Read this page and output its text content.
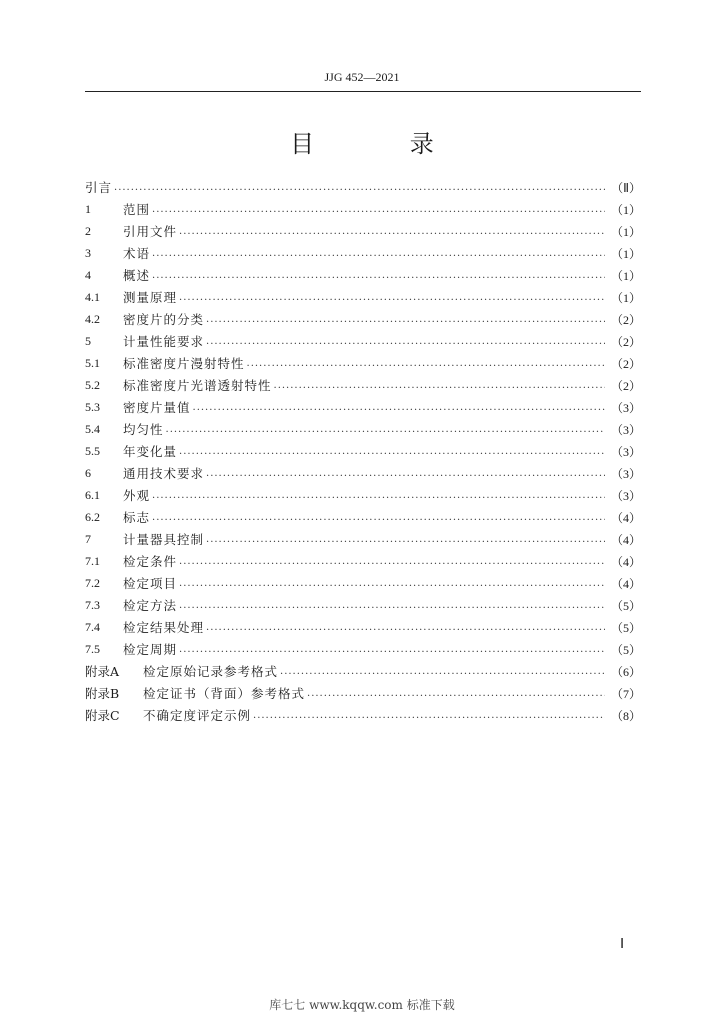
JJG 452—2021
目 录
引言 .....	（Ⅱ）
1	范围 .....	（1）
2	引用文件 .....	（1）
3	术语 .....	（1）
4	概述 .....	（1）
4.1	测量原理 .....	（1）
4.2	密度片的分类 .....	（2）
5	计量性能要求 .....	（2）
5.1	标准密度片漫射特性 .....	（2）
5.2	标准密度片光谱透射特性 .....	（2）
5.3	密度片量值 .....	（3）
5.4	均匀性 .....	（3）
5.5	年变化量 .....	（3）
6	通用技术要求 .....	（3）
6.1	外观 .....	（3）
6.2	标志 .....	（4）
7	计量器具控制 .....	（4）
7.1	检定条件 .....	（4）
7.2	检定项目 .....	（4）
7.3	检定方法 .....	（5）
7.4	检定结果处理 .....	（5）
7.5	检定周期 .....	（5）
附录A	检定原始记录参考格式 .....	（6）
附录B	检定证书（背面）参考格式 .....	（7）
附录C	不确定度评定示例 .....	（8）
Ⅰ
库七七 www.kqqw.com 标准下载
